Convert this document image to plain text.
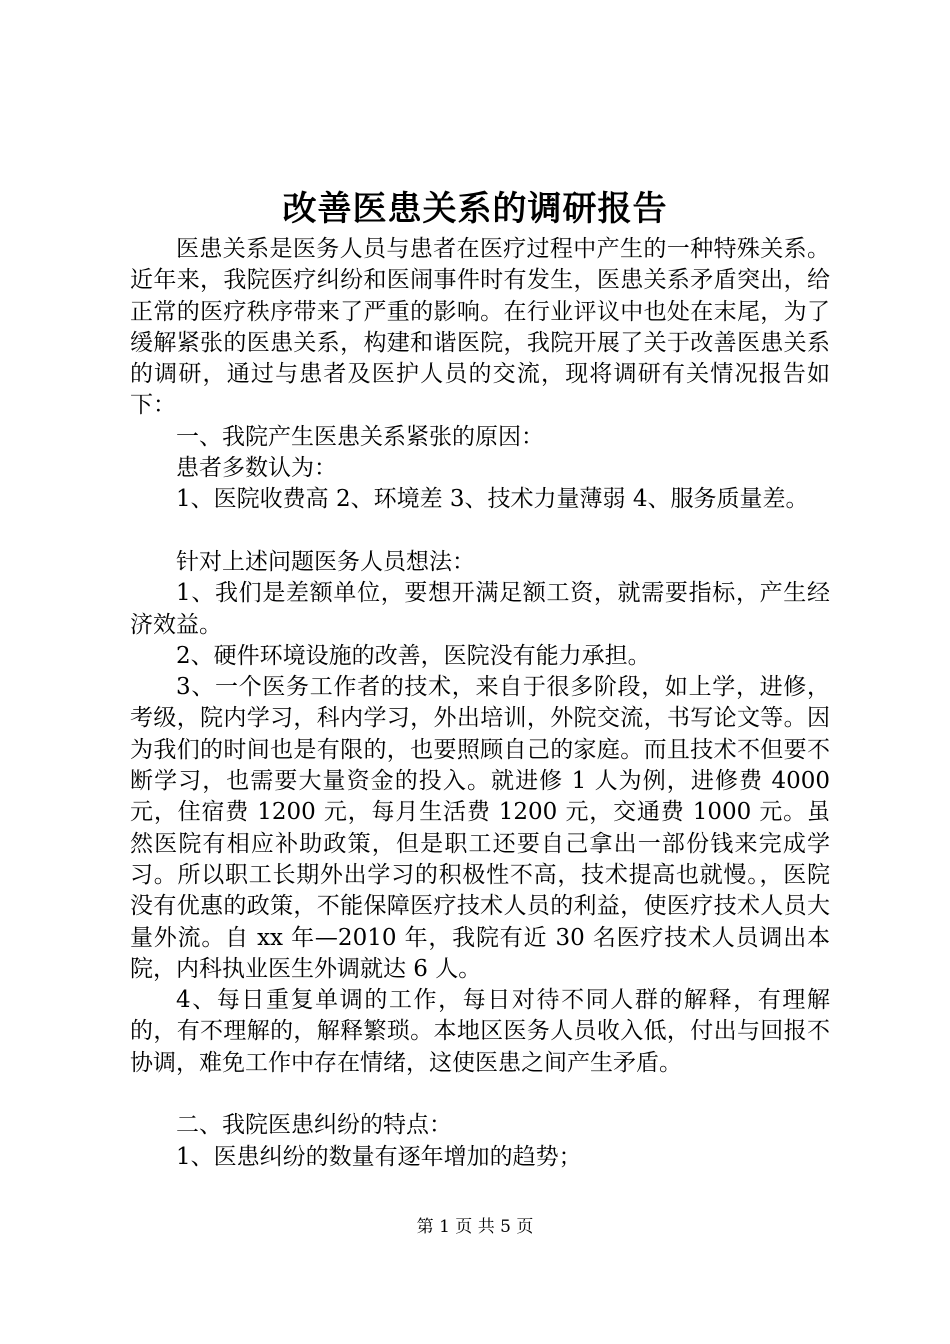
改善医患关系的调研报告

医患关系是医务人员与患者在医疗过程中产生的一种特殊关系。近年来，我院医疗纠纷和医闹事件时有发生，医患关系矛盾突出，给正常的医疗秩序带来了严重的影响。在行业评议中也处在末尾，为了缓解紧张的医患关系，构建和谐医院，我院开展了关于改善医患关系的调研，通过与患者及医护人员的交流，现将调研有关情况报告如下：

一、我院产生医患关系紧张的原因：

患者多数认为：

1、医院收费高 2、环境差 3、技术力量薄弱 4、服务质量差。

针对上述问题医务人员想法：

1、我们是差额单位，要想开满足额工资，就需要指标，产生经济效益。

2、硬件环境设施的改善，医院没有能力承担。

3、一个医务工作者的技术，来自于很多阶段，如上学，进修，考级，院内学习，科内学习，外出培训，外院交流，书写论文等。因为我们的时间也是有限的，也要照顾自己的家庭。而且技术不但要不断学习，也需要大量资金的投入。就进修 1 人为例，进修费 4000 元，住宿费 1200 元，每月生活费 1200 元，交通费 1000 元。虽然医院有相应补助政策，但是职工还要自己拿出一部份钱来完成学习。所以职工长期外出学习的积极性不高，技术提高也就慢。，医院没有优惠的政策，不能保障医疗技术人员的利益，使医疗技术人员大量外流。自 xx 年—2010 年，我院有近 30 名医疗技术人员调出本院，内科执业医生外调就达 6 人。

4、每日重复单调的工作，每日对待不同人群的解释，有理解的，有不理解的，解释繁琐。本地区医务人员收入低，付出与回报不协调，难免工作中存在情绪，这使医患之间产生矛盾。

二、我院医患纠纷的特点：

1、医患纠纷的数量有逐年增加的趋势；

第 1 页 共 5 页
